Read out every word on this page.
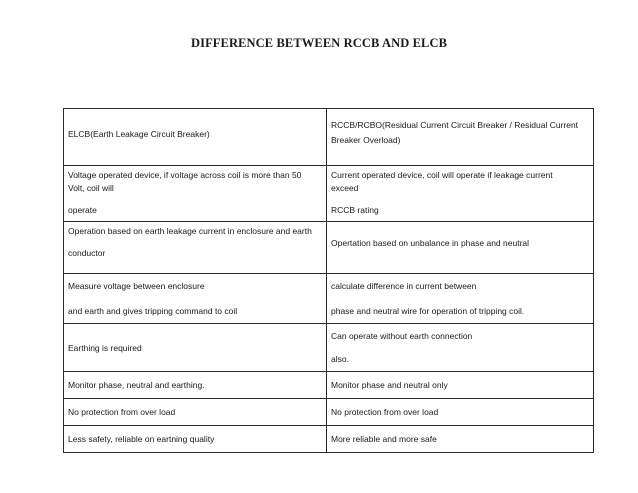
DIFFERENCE BETWEEN RCCB AND ELCB
ELCB(Earth Leakage Circuit Breaker)	RCCB/RCBO(Residual Current Circuit Breaker / Residual Current
Breaker Overload)

Voltage operated device, if voltage across coil is more than 50
Volt, coil will
operate	Current operated device, coil will operate if leakage current
exceed
RCCB rating

Operation based on earth leakage current in enclosure and earth
conductor	Opertation based on unbalance in phase and neutral

Measure voltage between enclosure
and earth and gives tripping command to coil	calculate difference in current between
phase and neutral wire for operation of tripping coil.

Earthing is required	Can operate without earth connection
also.

Monitor phase, neutral and earthing.	Monitor phase and neutral only

No protection from over load	No protection from over load

Less safety, reliable on eartning quality	More reliable and more safe
